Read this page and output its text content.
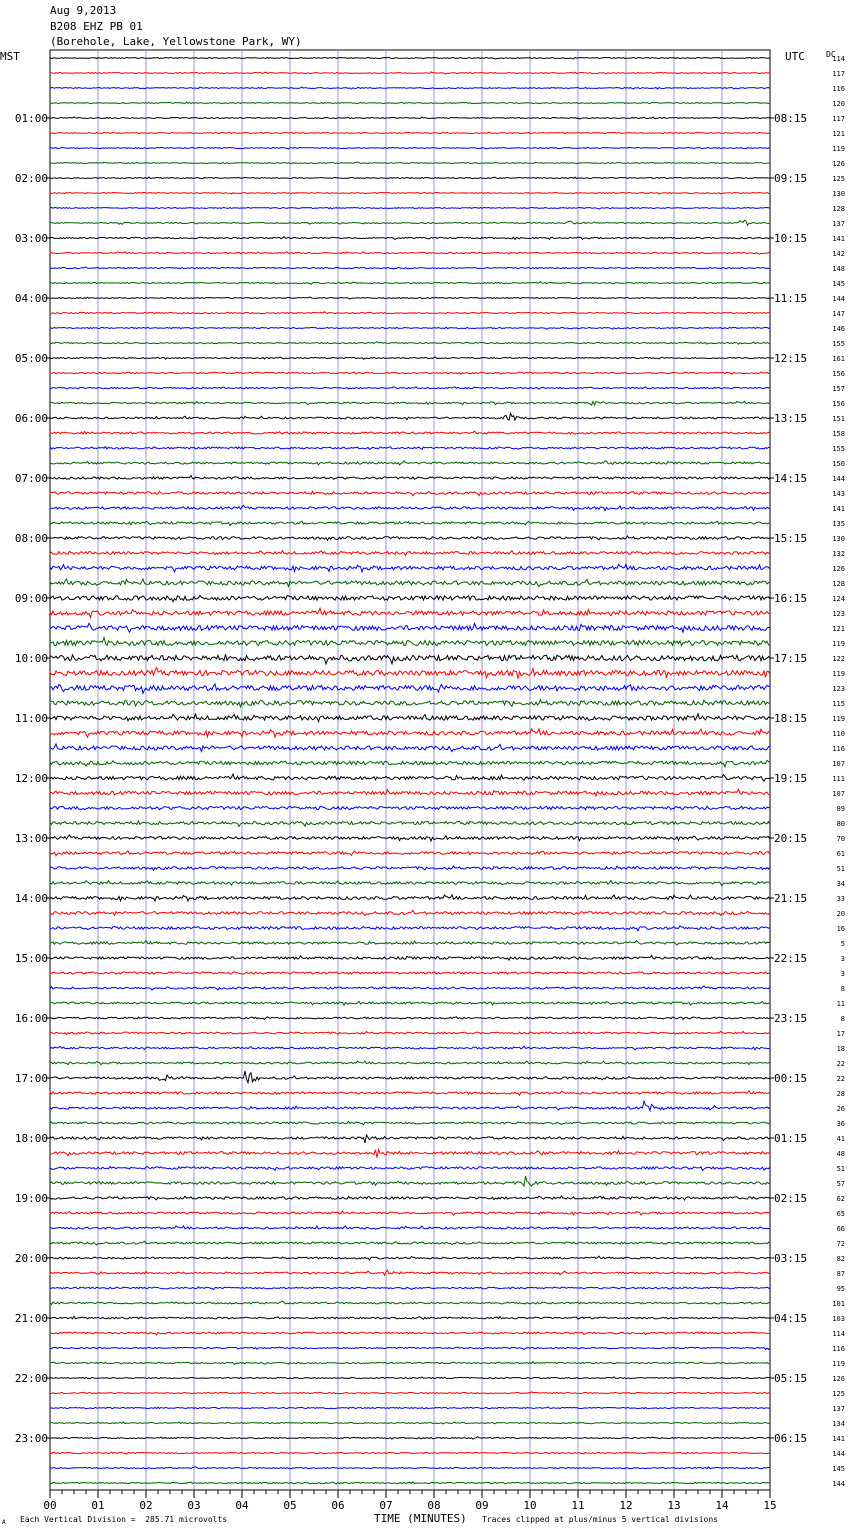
Aug 9,2013
B208 EHZ PB 01
(Borehole, Lake, Yellowstone Park, WY)
MST	UTC	DC
01:00
02:00
03:00
04:00
05:00
06:00
07:00
08:00
09:00
10:00
11:00
12:00
13:00
14:00
15:00
16:00
17:00
18:00
19:00
20:00
21:00
22:00
23:00
08:15
09:15
10:15
11:15
12:15
13:15
14:15
15:15
16:15
17:15
18:15
19:15
20:15
21:15
22:15
23:15
00:15
01:15
02:15
03:15
04:15
05:15
06:15
114
117
116
120
117
121
119
126
125
130
128
137
141
142
148
145
144
147
146
155
161
156
157
156
151
158
155
150
144
143
141
135
130
132
126
128
124
123
121
119
122
119
123
115
119
110
116
107
111
107
89
80
70
61
51
34
33
20
16
5
3
3
8
11
8
17
18
22
22
28
26
36
41
48
51
57
62
65
66
72
82
87
95
101
103
114
116
119
126
125
137
134
141
144
145
144
00	01	02	03	04	05	06	07	08	09	10	11	12	13	14	15
TIME (MINUTES)
Each Vertical Division =  285.71 microvolts	Traces clipped at plus/minus 5 vertical divisions
A
